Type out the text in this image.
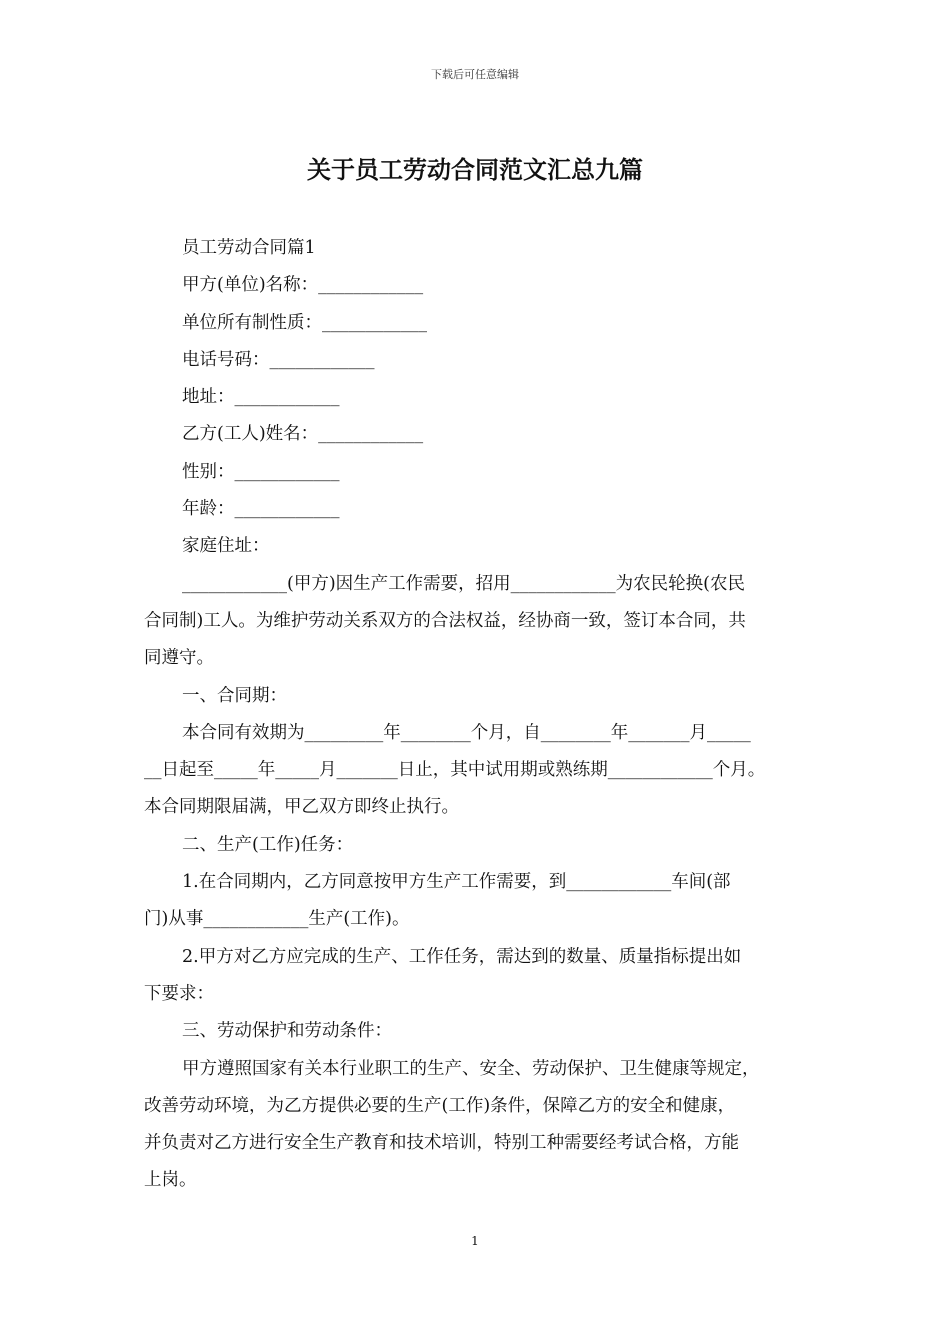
下载后可任意编辑
关于员工劳动合同范文汇总九篇

员工劳动合同篇1

甲方(单位)名称：____________

单位所有制性质：____________

电话号码：____________

地址：____________

乙方(工人)姓名：____________

性别：____________

年龄：____________

家庭住址：

____________(甲方)因生产工作需要，招用____________为农民轮换(农民

合同制)工人。为维护劳动关系双方的合法权益，经协商一致，签订本合同，共

同遵守。

一、合同期：

本合同有效期为_________年________个月，自________年_______月_____

__日起至_____年_____月_______日止，其中试用期或熟练期____________个月。

本合同期限届满，甲乙双方即终止执行。

二、生产(工作)任务：

1.在合同期内，乙方同意按甲方生产工作需要，到____________车间(部

门)从事____________生产(工作)。

2.甲方对乙方应完成的生产、工作任务，需达到的数量、质量指标提出如

下要求：

三、劳动保护和劳动条件：

甲方遵照国家有关本行业职工的生产、安全、劳动保护、卫生健康等规定，

改善劳动环境，为乙方提供必要的生产(工作)条件，保障乙方的安全和健康，

并负责对乙方进行安全生产教育和技术培训，特别工种需要经考试合格，方能

上岗。

1
